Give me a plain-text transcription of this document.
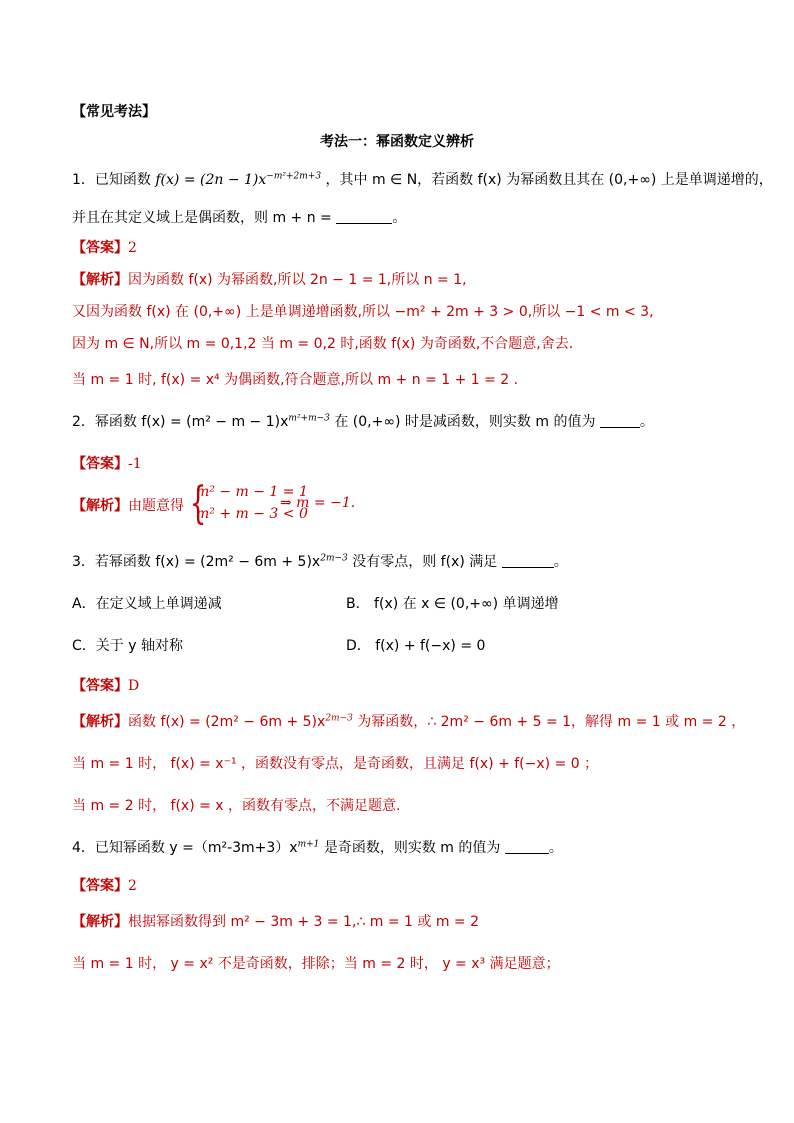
【常见考法】
考法一：幂函数定义辨析
1．已知函数 $f(x) = (2n - 1)x^{-m^2+2m+3}$ ，其中 m ∈ N，若函数 f(x) 为幂函数且其在 (0,+∞) 上是单调递增的，
并且在其定义域上是偶函数，则 m + n =	。
【答案】2
【解析】因为函数 f(x) 为幂函数,所以 2n − 1 = 1,所以 n = 1,
又因为函数 f(x) 在 (0,+∞) 上是单调递增函数,所以 −m² + 2m + 3 > 0,所以 −1 < m < 3,
因为 m ∈ N,所以 m = 0,1,2 当 m = 0,2 时,函数 f(x) 为奇函数,不合题意,舍去.
当 m = 1 时, f(x) = x⁴ 为偶函数,符合题意,所以 m + n = 1 + 1 = 2 .
2．幂函数 $f(x) = (m^2 - m - 1)x^{m^2+m-3}$ 在 (0,+∞) 时是减函数，则实数 m 的值为	。
【答案】-1
【解析】由题意得 {
m² − m − 1 = 1
m² + m − 3 < 0
⇒ m = −1.
3．若幂函数 $f(x) = (2m^2 - 6m + 5)x^{2m-3}$ 没有零点，则 f(x) 满足	。
A．在定义域上单调递减	B． f(x) 在 x ∈ (0,+∞) 单调递增
C．关于 y 轴对称	D． f(x) + f(−x) = 0
【答案】D
【解析】函数 $f(x) = (2m^2 - 6m + 5)x^{2m-3}$ 为幂函数，∴ 2m² − 6m + 5 = 1，解得 m = 1 或 m = 2 ，
当 m = 1 时， f(x) = x⁻¹ ，函数没有零点，是奇函数，且满足 f(x) + f(−x) = 0 ；
当 m = 2 时， f(x) = x ，函数有零点，不满足题意.
4．已知幂函数 $y =(m^2-3m+3)x^{m+1}$ 是奇函数，则实数 m 的值为	。
【答案】2
【解析】根据幂函数得到 m² − 3m + 3 = 1,∴ m = 1 或 m = 2
当 m = 1 时， y = x² 不是奇函数，排除；当 m = 2 时， y = x³ 满足题意；
